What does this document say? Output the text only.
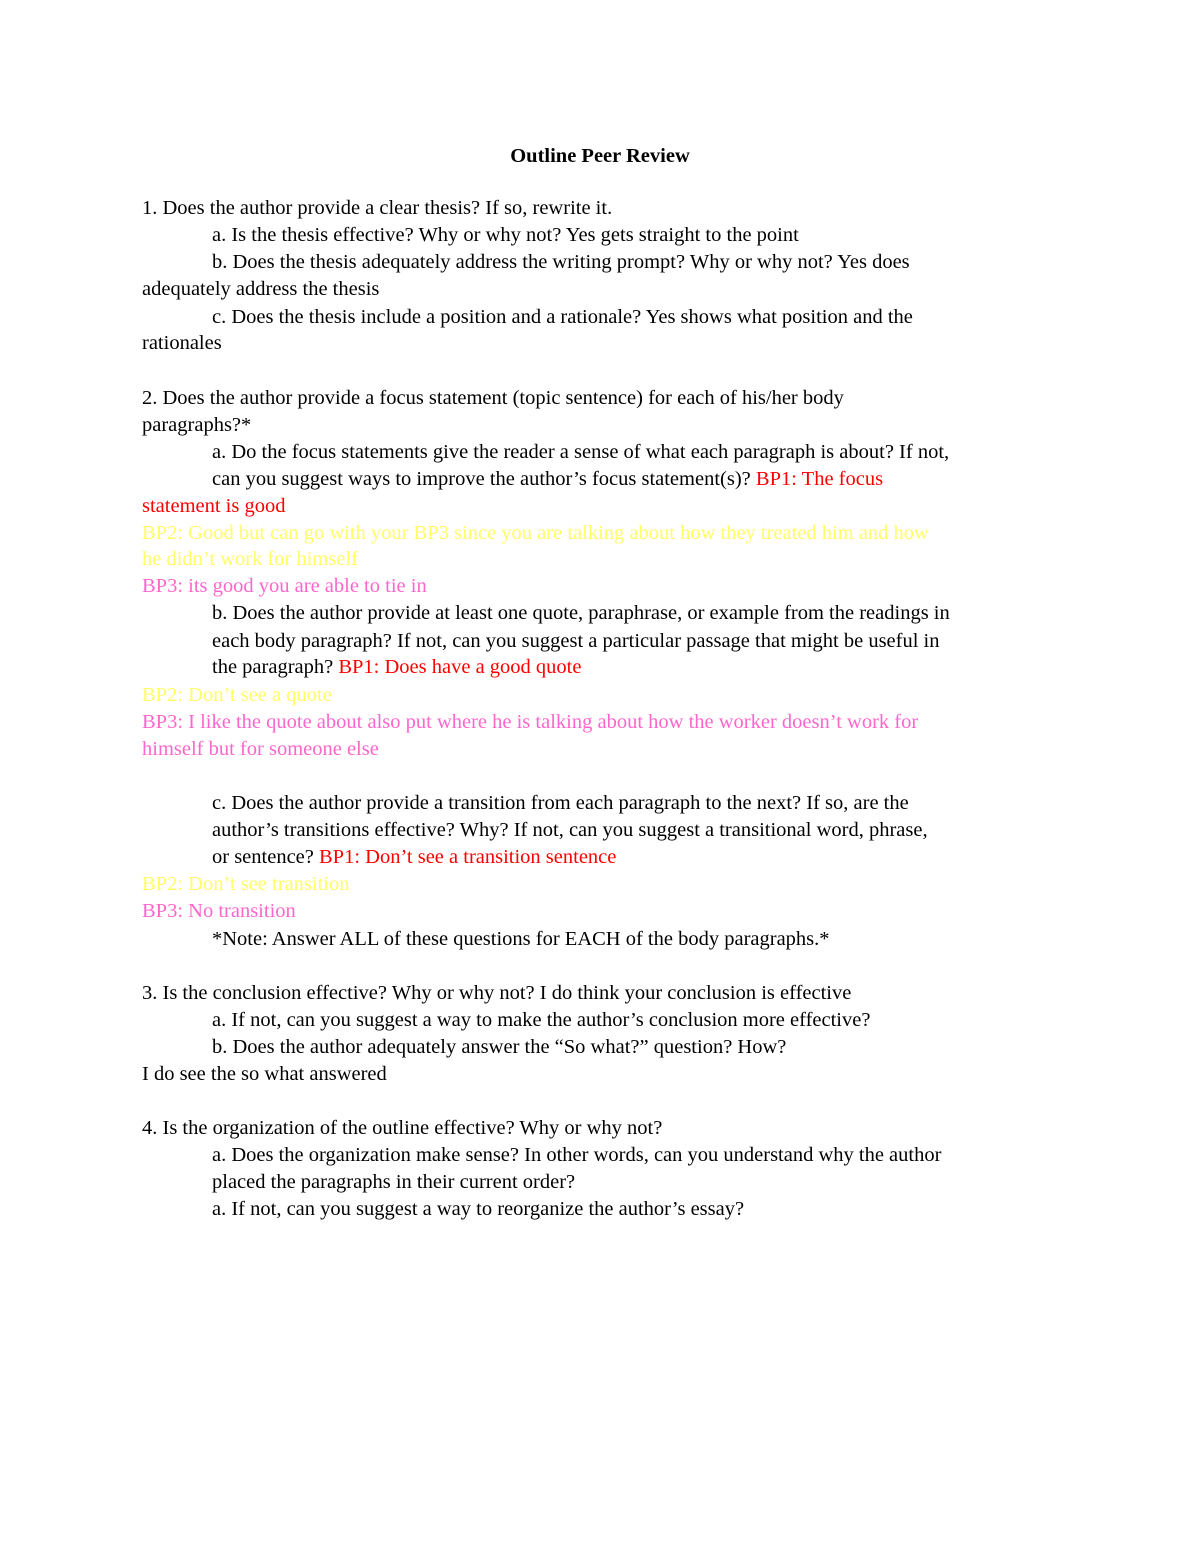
Outline Peer Review
1. Does the author provide a clear thesis? If so, rewrite it.
a. Is the thesis effective? Why or why not? Yes gets straight to the point
b. Does the thesis adequately address the writing prompt? Why or why not? Yes does
adequately address the thesis
c. Does the thesis include a position and a rationale? Yes shows what position and the
rationales
2. Does the author provide a focus statement (topic sentence) for each of his/her body
paragraphs?*
a. Do the focus statements give the reader a sense of what each paragraph is about? If not,
can you suggest ways to improve the author’s focus statement(s)? BP1: The focus
statement is good
BP2: Good but can go with your BP3 since you are talking about how they treated him and how
he didn’t work for himself
BP3: its good you are able to tie in
b. Does the author provide at least one quote, paraphrase, or example from the readings in
each body paragraph? If not, can you suggest a particular passage that might be useful in
the paragraph? BP1: Does have a good quote
BP2: Don’t see a quote
BP3: I like the quote about also put where he is talking about how the worker doesn’t work for
himself but for someone else
c. Does the author provide a transition from each paragraph to the next? If so, are the
author’s transitions effective? Why? If not, can you suggest a transitional word, phrase,
or sentence? BP1: Don’t see a transition sentence
BP2: Don’t see transition
BP3: No transition
*Note: Answer ALL of these questions for EACH of the body paragraphs.*
3. Is the conclusion effective? Why or why not? I do think your conclusion is effective
a. If not, can you suggest a way to make the author’s conclusion more effective?
b. Does the author adequately answer the “So what?” question? How?
I do see the so what answered
4. Is the organization of the outline effective? Why or why not?
a. Does the organization make sense? In other words, can you understand why the author
placed the paragraphs in their current order?
a. If not, can you suggest a way to reorganize the author’s essay?
